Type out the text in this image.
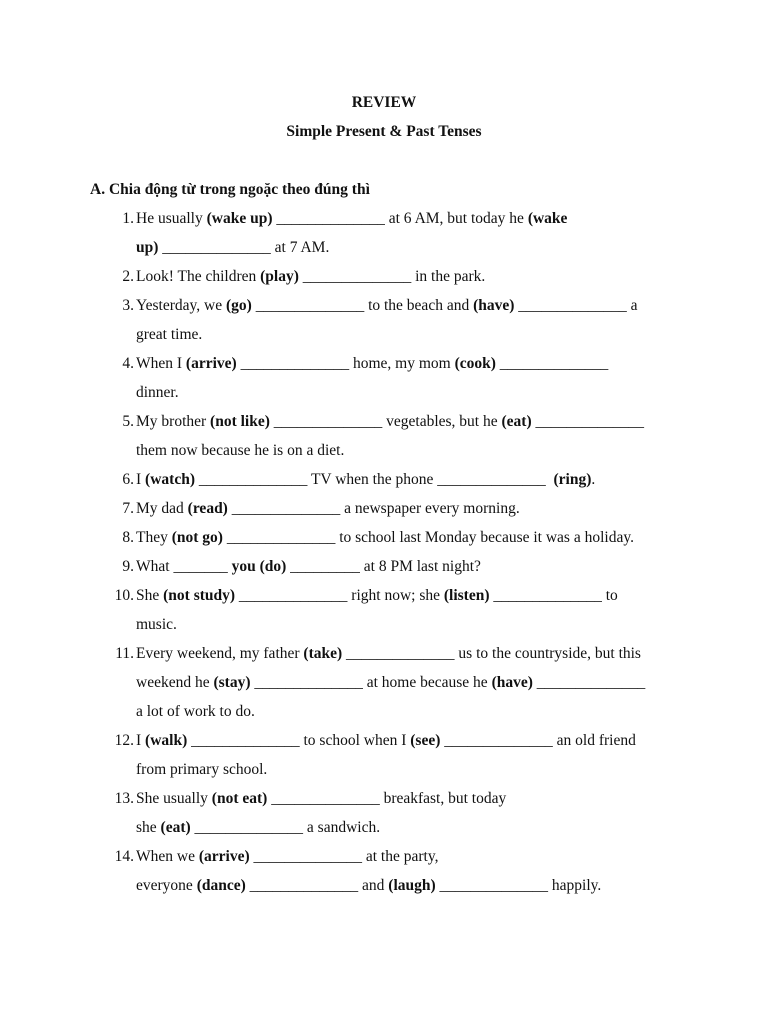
REVIEW
Simple Present & Past Tenses
A. Chia động từ trong ngoặc theo đúng thì
1. He usually (wake up) ______________ at 6 AM, but today he (wake
up) ______________ at 7 AM.
2. Look! The children (play) ______________ in the park.
3. Yesterday, we (go) ______________ to the beach and (have) ______________ a
great time.
4. When I (arrive) ______________ home, my mom (cook) ______________
dinner.
5. My brother (not like) ______________ vegetables, but he (eat) ______________
them now because he is on a diet.
6. I (watch) ______________ TV when the phone ______________  (ring).
7. My dad (read) ______________ a newspaper every morning.
8. They (not go) ______________ to school last Monday because it was a holiday.
9. What _______ you (do) _________ at 8 PM last night?
10. She (not study) ______________ right now; she (listen) ______________ to
music.
11. Every weekend, my father (take) ______________ us to the countryside, but this
weekend he (stay) ______________ at home because he (have) ______________
a lot of work to do.
12. I (walk) ______________ to school when I (see) ______________ an old friend
from primary school.
13. She usually (not eat) ______________ breakfast, but today
she (eat) ______________ a sandwich.
14. When we (arrive) ______________ at the party,
everyone (dance) ______________ and (laugh) ______________ happily.
